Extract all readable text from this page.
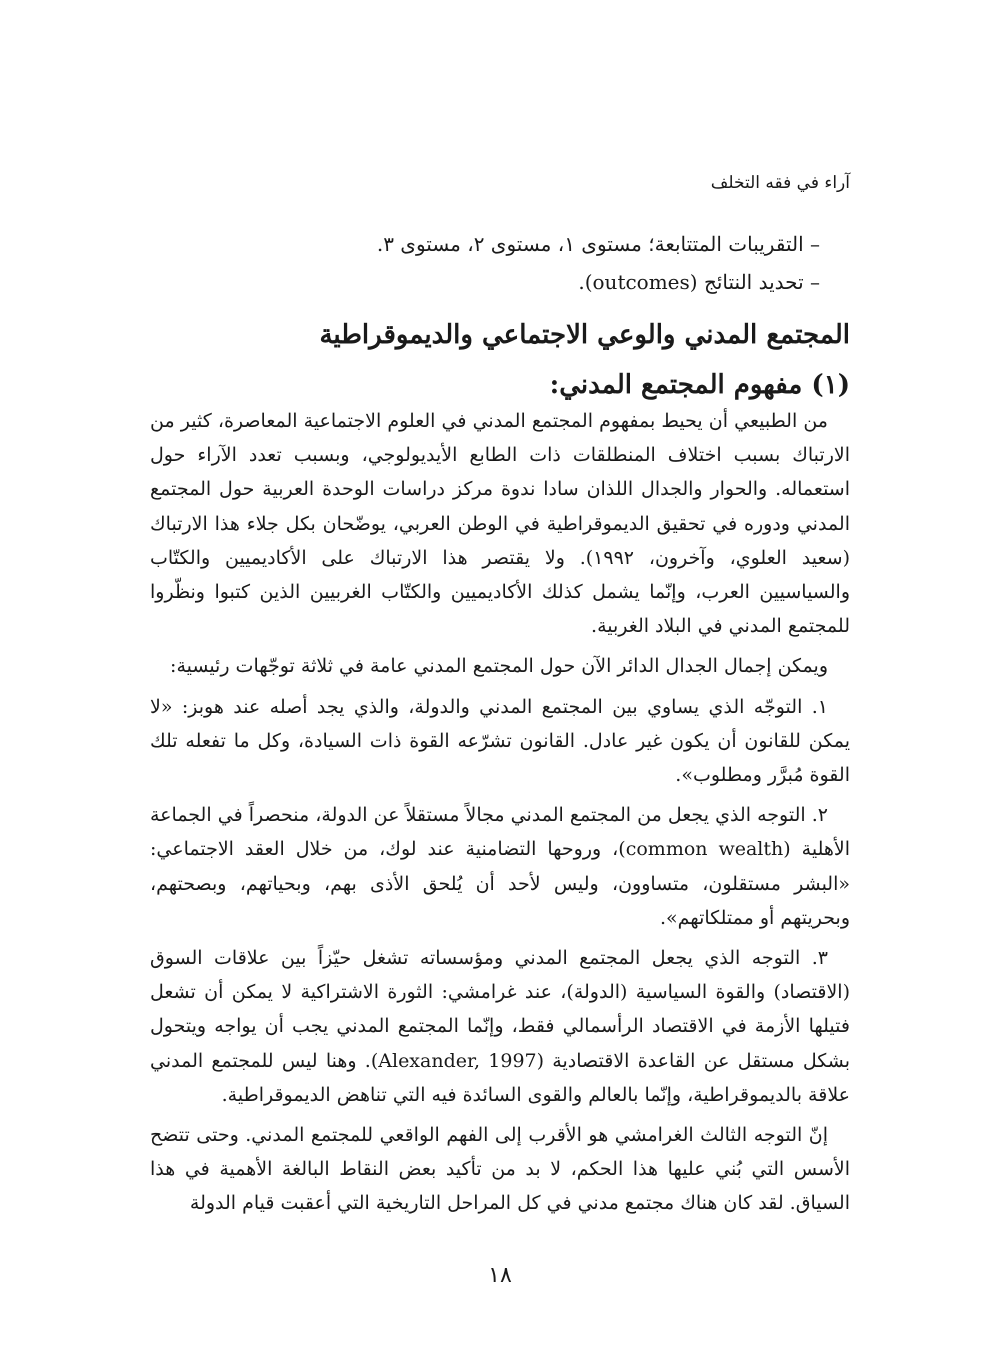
آراء في فقه التخلف
– التقريبات المتتابعة؛ مستوى ١، مستوى ٢، مستوى ٣.
– تحديد النتائج (outcomes).
المجتمع المدني والوعي الاجتماعي والديموقراطية
(١) مفهوم المجتمع المدني:

من الطبيعي أن يحيط بمفهوم المجتمع المدني في العلوم الاجتماعية المعاصرة، كثير من الارتباك بسبب اختلاف المنطلقات ذات الطابع الأيديولوجي، وبسبب تعدد الآراء حول استعماله. والحوار والجدال اللذان سادا ندوة مركز دراسات الوحدة العربية حول المجتمع المدني ودوره في تحقيق الديموقراطية في الوطن العربي، يوضّحان بكل جلاء هذا الارتباك (سعيد العلوي، وآخرون، ١٩٩٢). ولا يقتصر هذا الارتباك على الأكاديميين والكتّاب والسياسيين العرب، وإنّما يشمل كذلك الأكاديميين والكتّاب الغربيين الذين كتبوا ونظّروا للمجتمع المدني في البلاد الغربية.

ويمكن إجمال الجدال الدائر الآن حول المجتمع المدني عامة في ثلاثة توجّهات رئيسية:

١. التوجّه الذي يساوي بين المجتمع المدني والدولة، والذي يجد أصله عند هوبز: «لا يمكن للقانون أن يكون غير عادل. القانون تشرّعه القوة ذات السيادة، وكل ما تفعله تلك القوة مُبرَّر ومطلوب».

٢. التوجه الذي يجعل من المجتمع المدني مجالاً مستقلاً عن الدولة، منحصراً في الجماعة الأهلية (common wealth)، وروحها التضامنية عند لوك، من خلال العقد الاجتماعي: «البشر مستقلون، متساوون، وليس لأحد أن يُلحق الأذى بهم، وبحياتهم، وبصحتهم، وبحريتهم أو ممتلكاتهم».

٣. التوجه الذي يجعل المجتمع المدني ومؤسساته تشغل حيّزاً بين علاقات السوق (الاقتصاد) والقوة السياسية (الدولة)، عند غرامشي: الثورة الاشتراكية لا يمكن أن تشعل فتيلها الأزمة في الاقتصاد الرأسمالي فقط، وإنّما المجتمع المدني يجب أن يواجه ويتحول بشكل مستقل عن القاعدة الاقتصادية (Alexander, 1997). وهنا ليس للمجتمع المدني علاقة بالديموقراطية، وإنّما بالعالم والقوى السائدة فيه التي تناهض الديموقراطية.

إنّ التوجه الثالث الغرامشي هو الأقرب إلى الفهم الواقعي للمجتمع المدني. وحتى تتضح الأسس التي بُني عليها هذا الحكم، لا بد من تأكيد بعض النقاط البالغة الأهمية في هذا السياق. لقد كان هناك مجتمع مدني في كل المراحل التاريخية التي أعقبت قيام الدولة

١٨
